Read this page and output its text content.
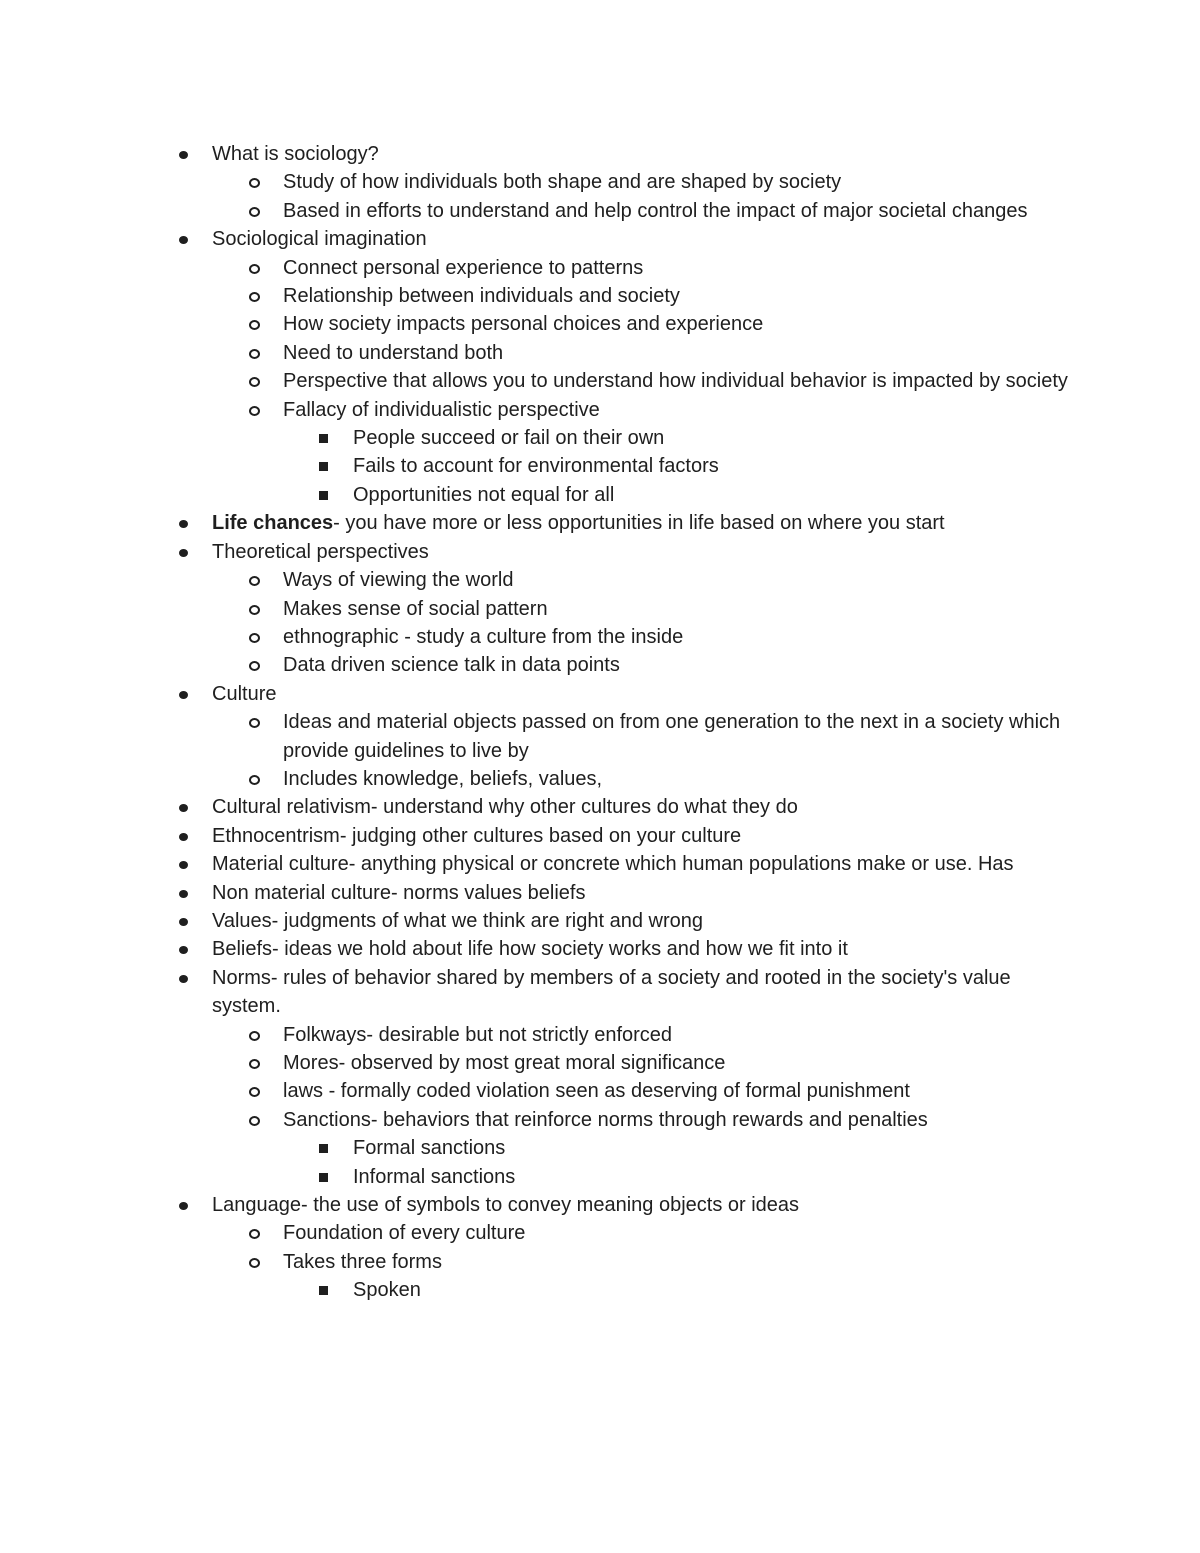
What is sociology?
Study of how individuals both shape and are shaped by society
Based in efforts to understand and help control the impact of major societal changes
Sociological imagination
Connect personal experience to patterns
Relationship between individuals and society
How society impacts personal choices and experience
Need to understand both
Perspective that allows you to understand how individual behavior is impacted by society
Fallacy of individualistic perspective
People succeed or fail on their own
Fails to account for environmental factors
Opportunities not equal for all
Life chances- you have more or less opportunities in life based on where you start
Theoretical perspectives
Ways of viewing the world
Makes sense of social pattern
ethnographic - study a culture from the inside
Data driven science talk in data points
Culture
Ideas and material objects passed on from one generation to the next in a society which provide guidelines to live by
Includes knowledge, beliefs, values,
Cultural relativism- understand why other cultures do what they do
Ethnocentrism- judging other cultures based on your culture
Material culture- anything physical or concrete which human populations make or use. Has
Non material culture- norms values beliefs
Values- judgments of what we think are right and wrong
Beliefs- ideas we hold about life how society works and how we fit into it
Norms- rules of behavior shared by members of a society and rooted in the society's value system.
Folkways- desirable but not strictly enforced
Mores- observed by most great moral significance
laws - formally coded violation seen as deserving of formal punishment
Sanctions- behaviors that reinforce norms through rewards and penalties
Formal sanctions
Informal sanctions
Language- the use of symbols to convey meaning objects or ideas
Foundation of every culture
Takes three forms
Spoken
